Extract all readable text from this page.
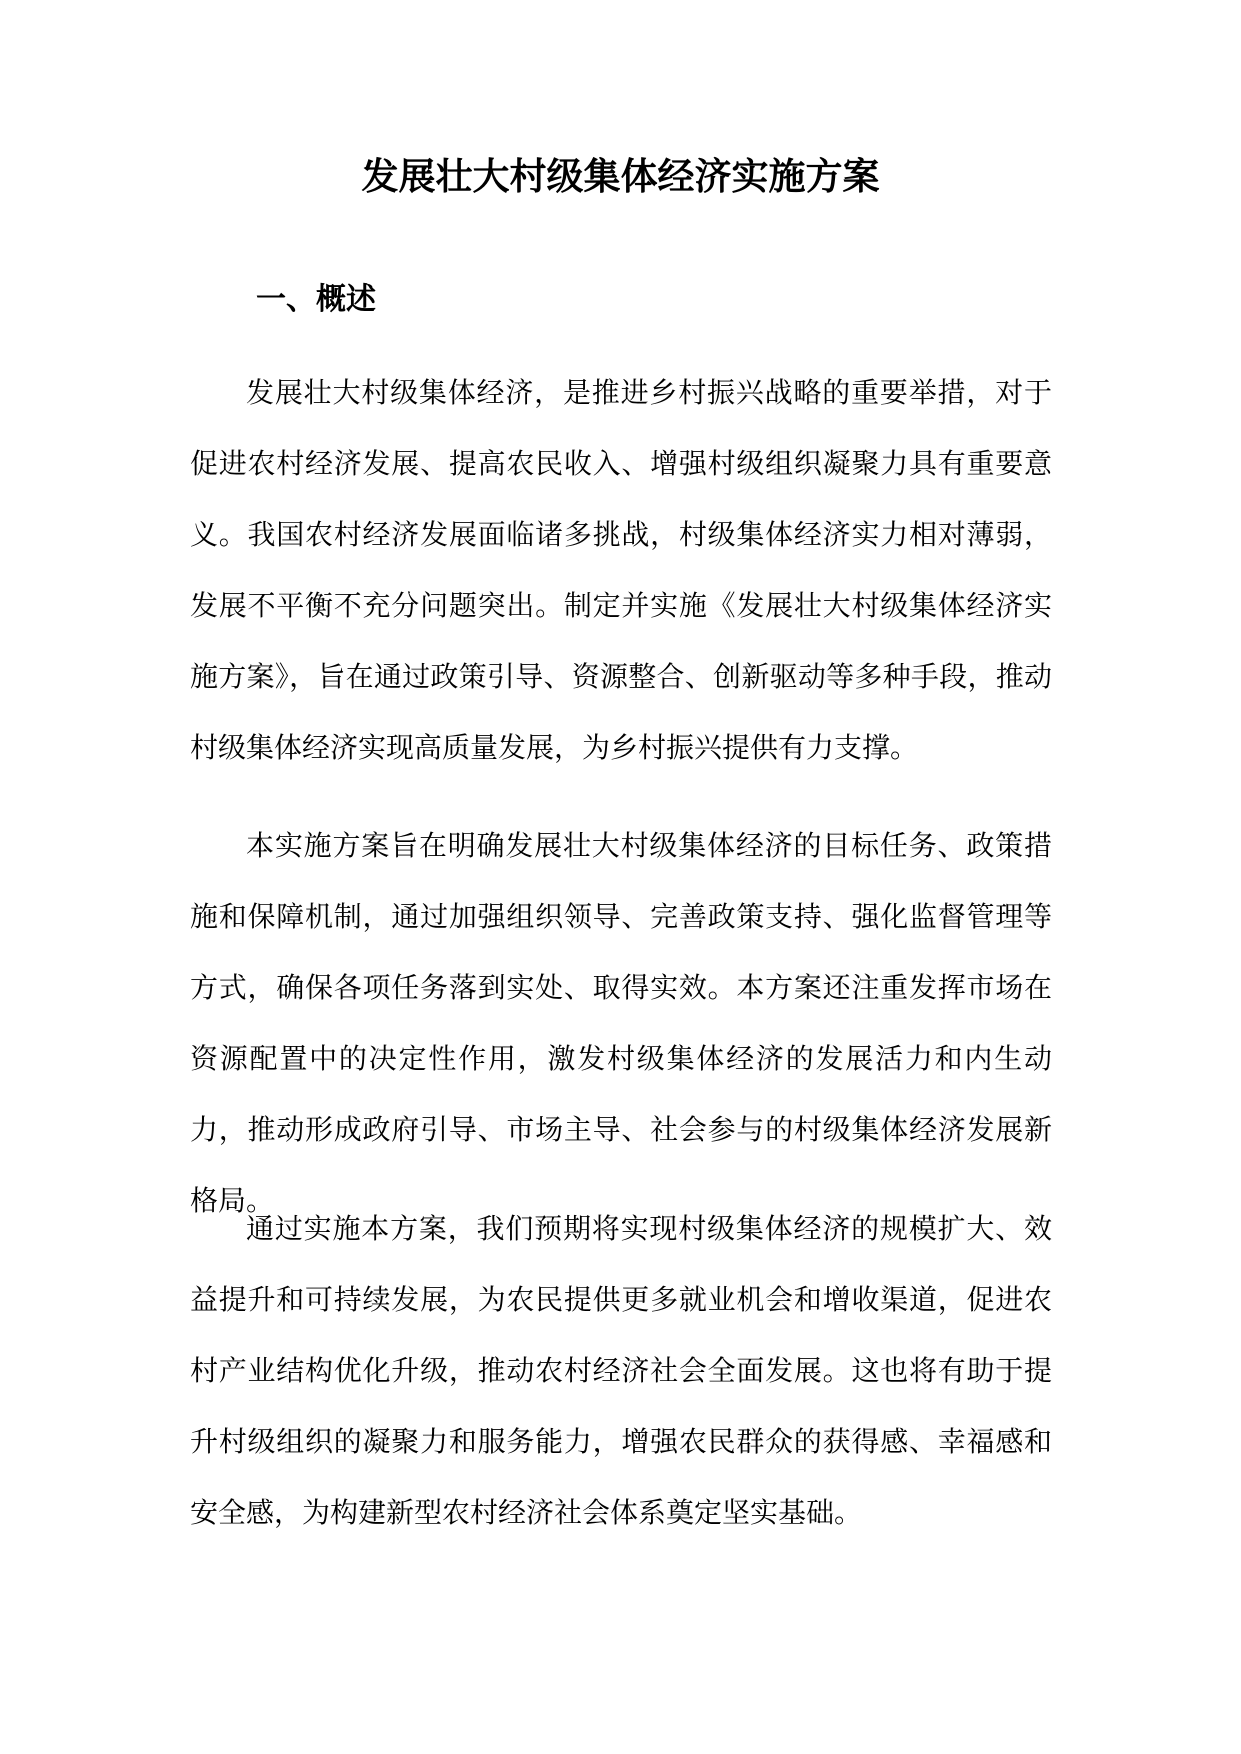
发展壮大村级集体经济实施方案
一、概述

发展壮大村级集体经济，是推进乡村振兴战略的重要举措，对于促进农村经济发展、提高农民收入、增强村级组织凝聚力具有重要意义。我国农村经济发展面临诸多挑战，村级集体经济实力相对薄弱，发展不平衡不充分问题突出。制定并实施《发展壮大村级集体经济实施方案》，旨在通过政策引导、资源整合、创新驱动等多种手段，推动村级集体经济实现高质量发展，为乡村振兴提供有力支撑。

本实施方案旨在明确发展壮大村级集体经济的目标任务、政策措施和保障机制，通过加强组织领导、完善政策支持、强化监督管理等方式，确保各项任务落到实处、取得实效。本方案还注重发挥市场在资源配置中的决定性作用，激发村级集体经济的发展活力和内生动力，推动形成政府引导、市场主导、社会参与的村级集体经济发展新格局。

通过实施本方案，我们预期将实现村级集体经济的规模扩大、效益提升和可持续发展，为农民提供更多就业机会和增收渠道，促进农村产业结构优化升级，推动农村经济社会全面发展。这也将有助于提升村级组织的凝聚力和服务能力，增强农民群众的获得感、幸福感和安全感，为构建新型农村经济社会体系奠定坚实基础。
